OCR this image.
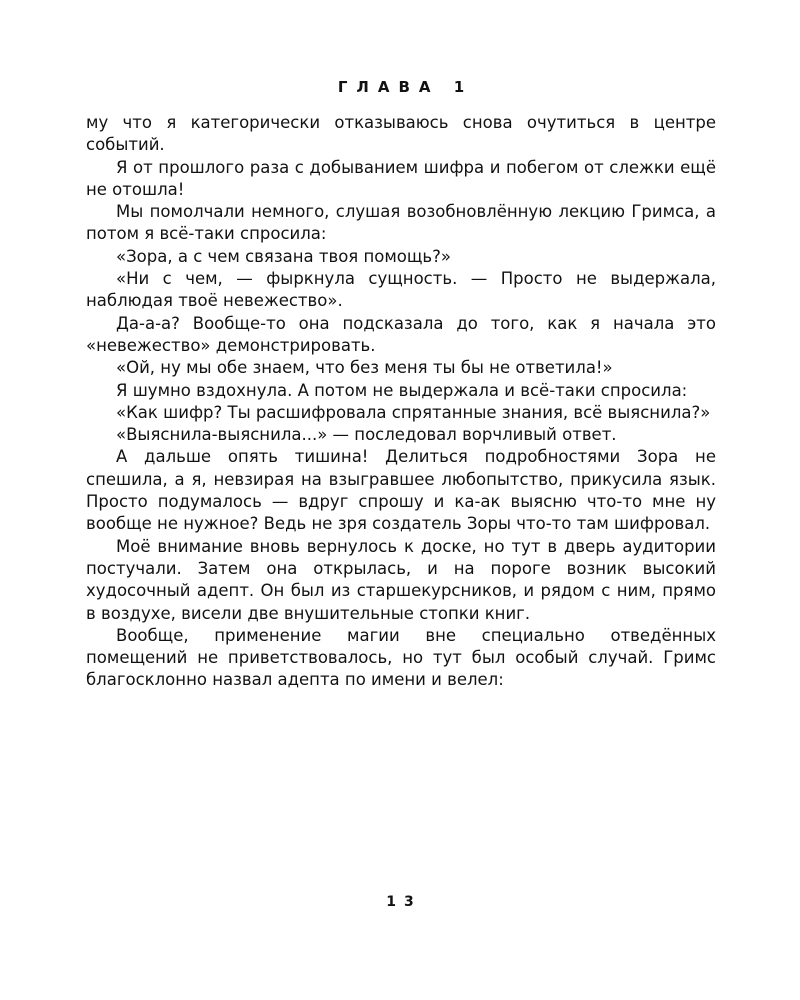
ГЛАВА 1

му что я категорически отказываюсь снова очутиться в центре событий.

Я от прошлого раза с добыванием шифра и побегом от слежки ещё не отошла!

Мы помолчали немного, слушая возобновлённую лекцию Гримса, а потом я всё-таки спросила:

«Зора, а с чем связана твоя помощь?»

«Ни с чем, — фыркнула сущность. — Просто не выдержала, наблюдая твоё невежество».

Да-а-а? Вообще-то она подсказала до того, как я начала это «невежество» демонстрировать.

«Ой, ну мы обе знаем, что без меня ты бы не ответила!»

Я шумно вздохнула. А потом не выдержала и всё-таки спросила:

«Как шифр? Ты расшифровала спрятанные знания, всё выяснила?»

«Выяснила-выяснила...» — последовал ворчливый ответ.

А дальше опять тишина! Делиться подробностями Зора не спешила, а я, невзирая на взыгравшее любопытство, прикусила язык. Просто подумалось — вдруг спрошу и ка-ак выясню что-то мне ну вообще не нужное? Ведь не зря создатель Зоры что-то там шифровал.

Моё внимание вновь вернулось к доске, но тут в дверь аудитории постучали. Затем она открылась, и на пороге возник высокий худосочный адепт. Он был из старшекурсников, и рядом с ним, прямо в воздухе, висели две внушительные стопки книг.

Вообще, применение магии вне специально отведённых помещений не приветствовалось, но тут был особый случай. Гримс благосклонно назвал адепта по имени и велел:

13
